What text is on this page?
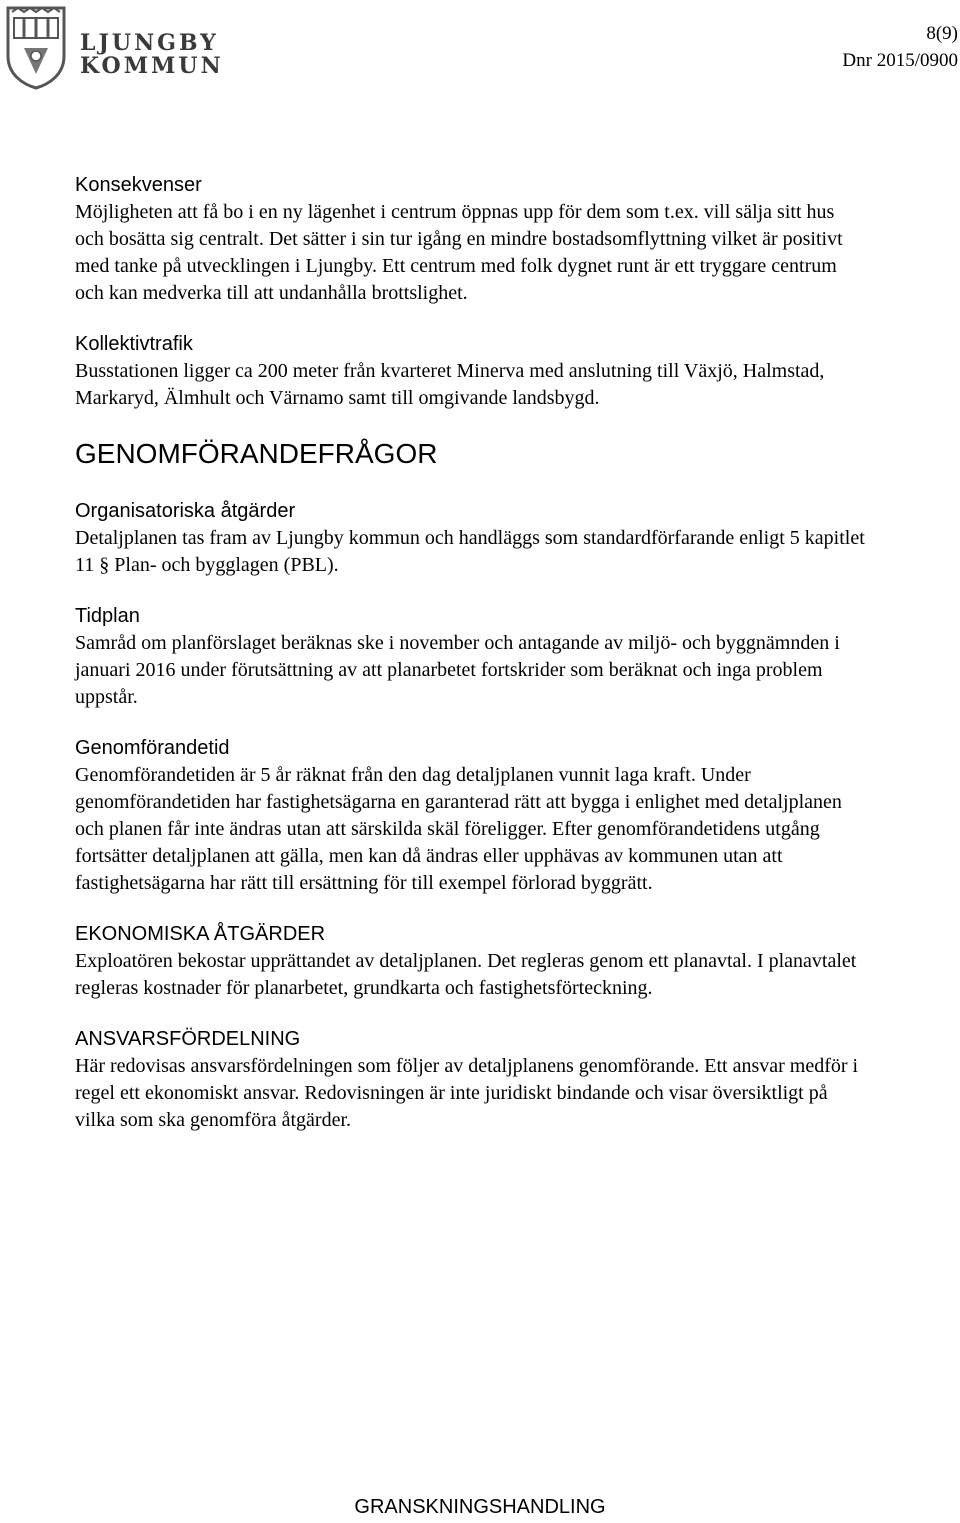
LJUNGBY
KOMMUN
8(9)
Dnr 2015/0900
Konsekvenser

Möjligheten att få bo i en ny lägenhet i centrum öppnas upp för dem som t.ex. vill sälja sitt hus och bosätta sig centralt. Det sätter i sin tur igång en mindre bostadsomflyttning vilket är positivt med tanke på utvecklingen i Ljungby. Ett centrum med folk dygnet runt är ett tryggare centrum och kan medverka till att undanhålla brottslighet.

Kollektivtrafik

Busstationen ligger ca 200 meter från kvarteret Minerva med anslutning till Växjö, Halmstad, Markaryd, Älmhult och Värnamo samt till omgivande landsbygd.

GENOMFÖRANDEFRÅGOR
Organisatoriska åtgärder

Detaljplanen tas fram av Ljungby kommun och handläggs som standardförfarande enligt 5 kapitlet 11 § Plan- och bygglagen (PBL).

Tidplan

Samråd om planförslaget beräknas ske i november och antagande av miljö- och byggnämnden i januari 2016 under förutsättning av att planarbetet fortskrider som beräknat och inga problem uppstår.

Genomförandetid

Genomförandetiden är 5 år räknat från den dag detaljplanen vunnit laga kraft. Under genomförandetiden har fastighetsägarna en garanterad rätt att bygga i enlighet med detaljplanen och planen får inte ändras utan att särskilda skäl föreligger. Efter genomförandetidens utgång fortsätter detaljplanen att gälla, men kan då ändras eller upphävas av kommunen utan att fastighetsägarna har rätt till ersättning för till exempel förlorad byggrätt.

EKONOMISKA ÅTGÄRDER

Exploatören bekostar upprättandet av detaljplanen. Det regleras genom ett planavtal. I planavtalet regleras kostnader för planarbetet, grundkarta och fastighetsförteckning.

ANSVARSFÖRDELNING

Här redovisas ansvarsfördelningen som följer av detaljplanens genomförande. Ett ansvar medför i regel ett ekonomiskt ansvar. Redovisningen är inte juridiskt bindande och visar översiktligt på vilka som ska genomföra åtgärder.

GRANSKNINGSHANDLING
